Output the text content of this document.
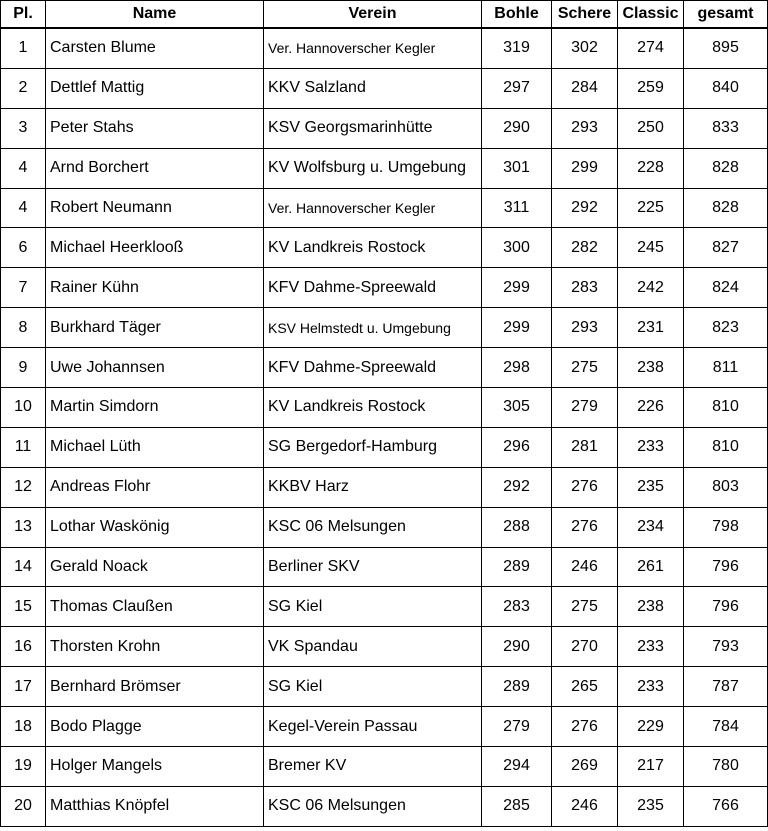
Pl.	Name	Verein	Bohle	Schere	Classic	gesamt
1	Carsten Blume	Ver. Hannoverscher Kegler	319	302	274	895
2	Dettlef Mattig	KKV Salzland	297	284	259	840
3	Peter Stahs	KSV Georgsmarinhütte	290	293	250	833
4	Arnd Borchert	KV Wolfsburg u. Umgebung	301	299	228	828
4	Robert Neumann	Ver. Hannoverscher Kegler	311	292	225	828
6	Michael Heerklooß	KV Landkreis Rostock	300	282	245	827
7	Rainer Kühn	KFV Dahme-Spreewald	299	283	242	824
8	Burkhard Täger	KSV Helmstedt u. Umgebung	299	293	231	823
9	Uwe Johannsen	KFV Dahme-Spreewald	298	275	238	811
10	Martin Simdorn	KV Landkreis Rostock	305	279	226	810
11	Michael Lüth	SG Bergedorf-Hamburg	296	281	233	810
12	Andreas Flohr	KKBV Harz	292	276	235	803
13	Lothar Waskönig	KSC 06 Melsungen	288	276	234	798
14	Gerald Noack	Berliner SKV	289	246	261	796
15	Thomas Claußen	SG Kiel	283	275	238	796
16	Thorsten Krohn	VK Spandau	290	270	233	793
17	Bernhard Brömser	SG Kiel	289	265	233	787
18	Bodo Plagge	Kegel-Verein Passau	279	276	229	784
19	Holger Mangels	Bremer KV	294	269	217	780
20	Matthias Knöpfel	KSC 06 Melsungen	285	246	235	766
